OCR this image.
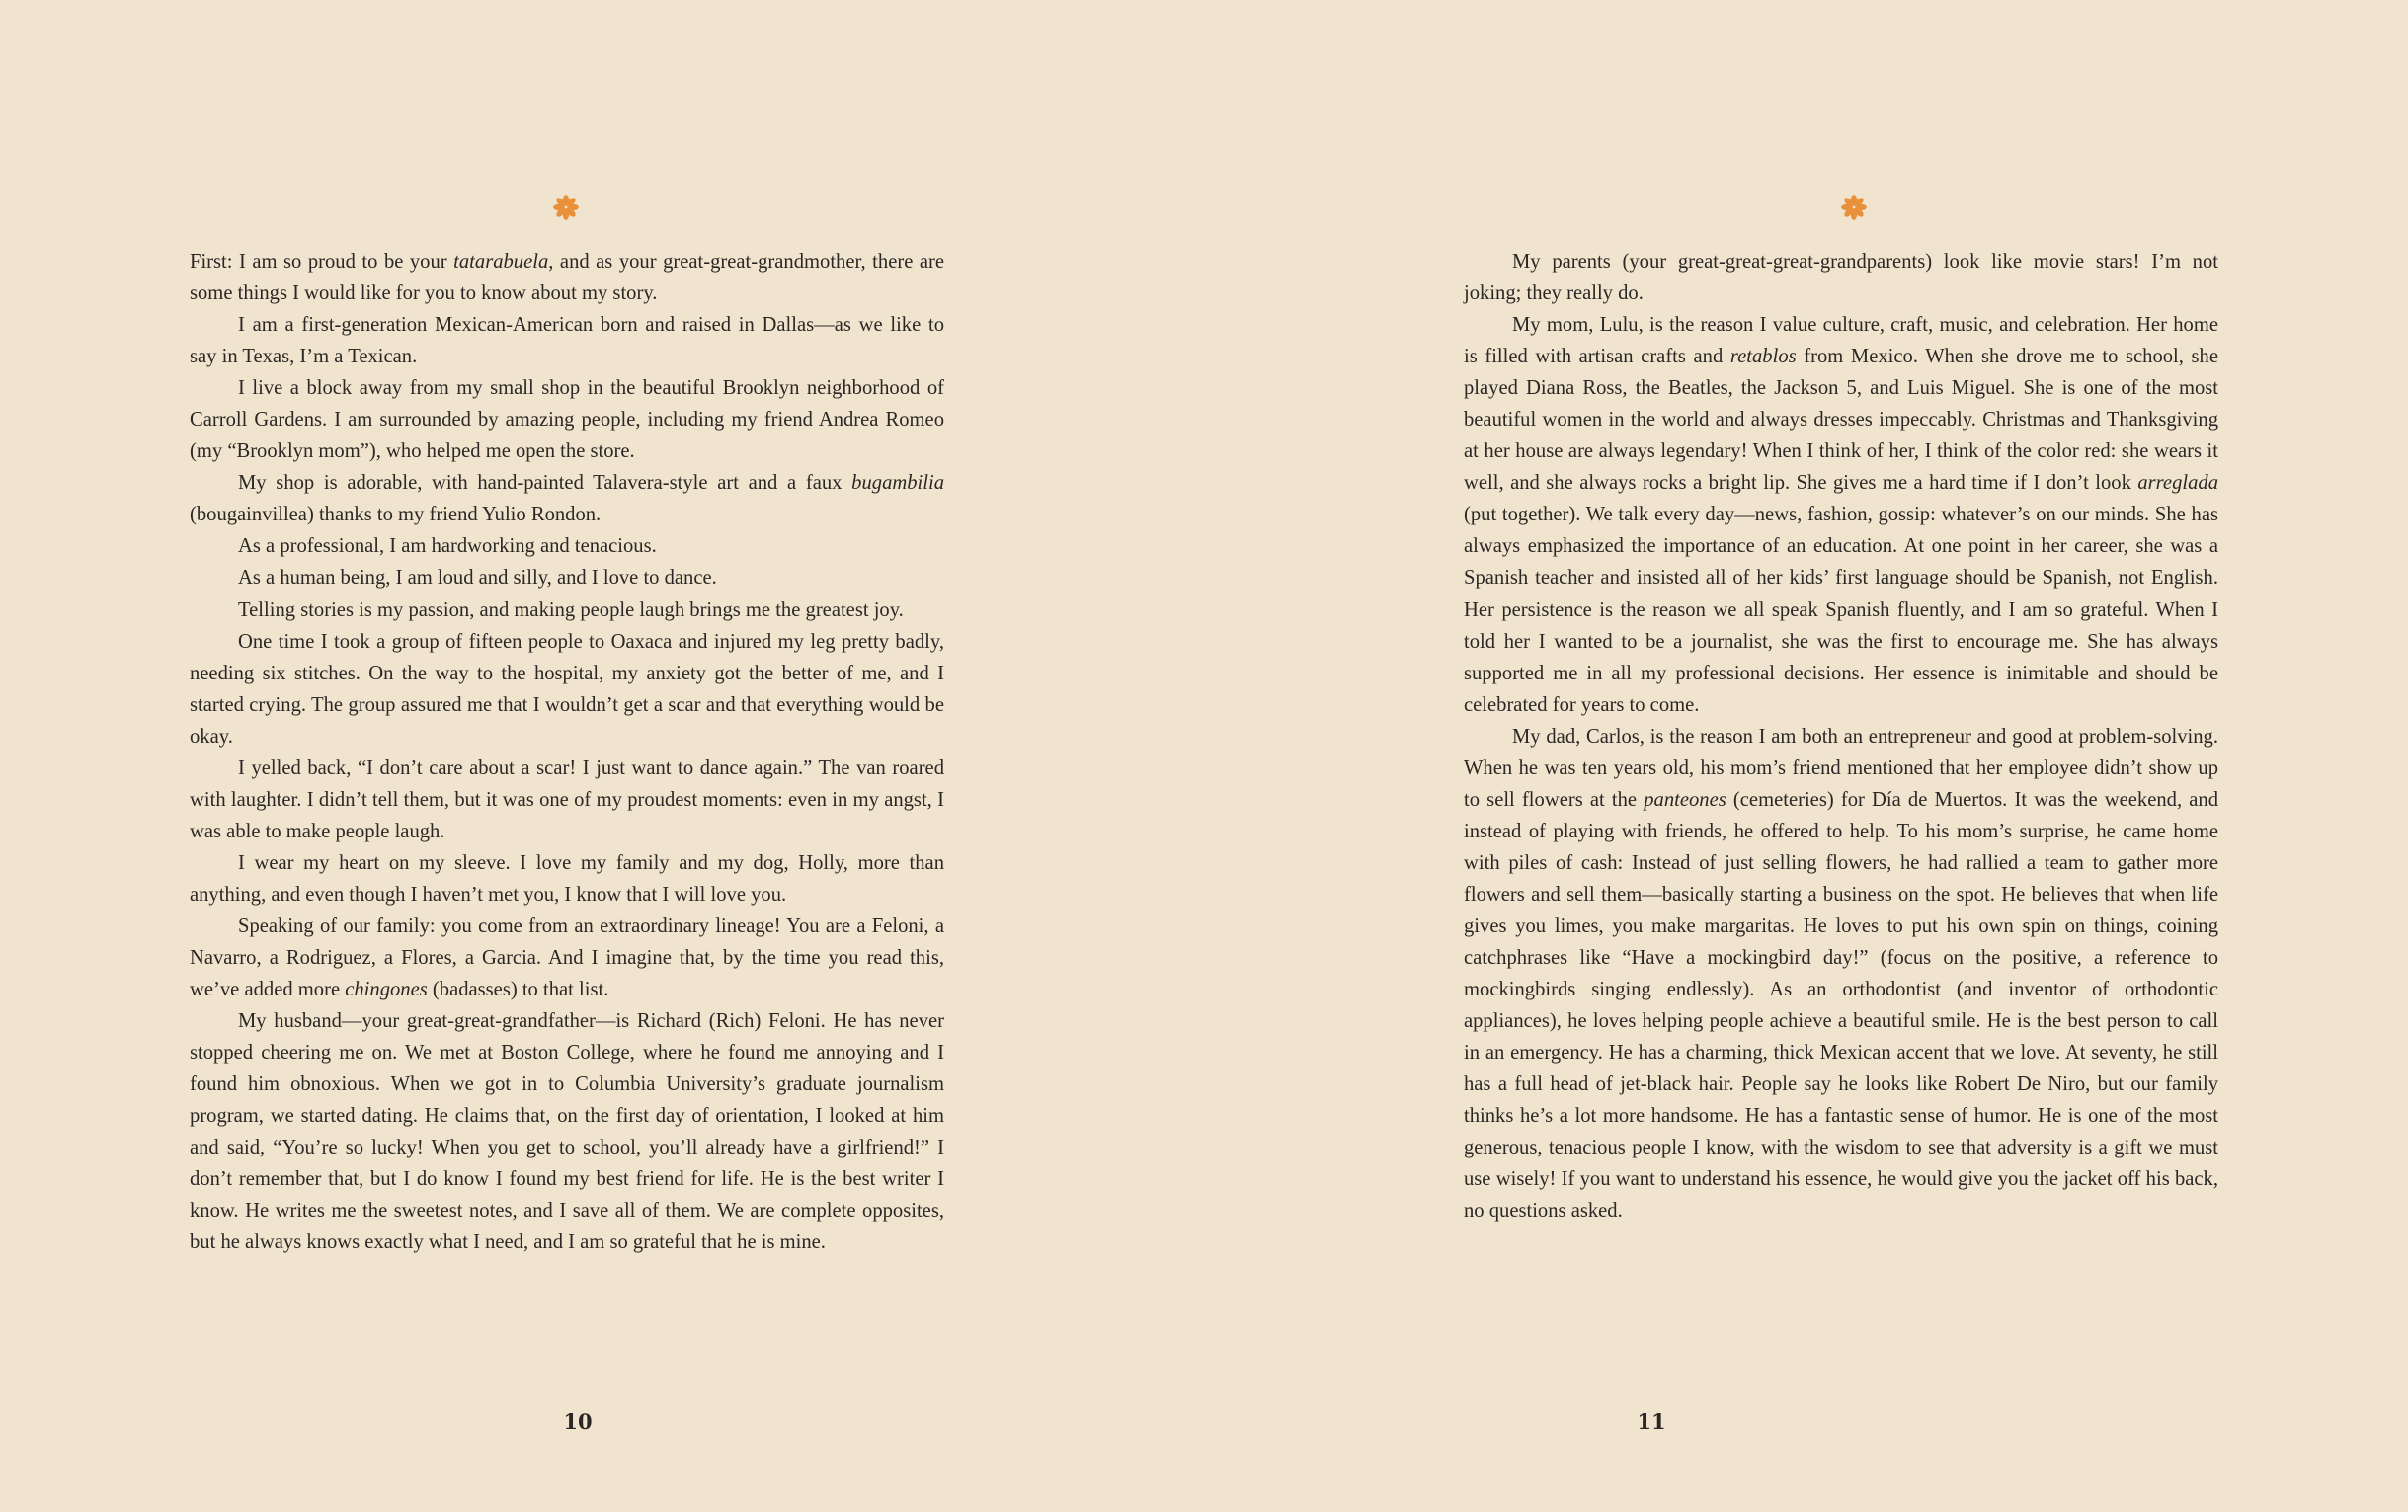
First: I am so proud to be your tatarabuela, and as your great-great-grandmother, there are some things I would like for you to know about my story.

I am a first-generation Mexican-American born and raised in Dallas—as we like to say in Texas, I’m a Texican.

I live a block away from my small shop in the beautiful Brooklyn neighborhood of Carroll Gardens. I am surrounded by amazing people, including my friend Andrea Romeo (my “Brooklyn mom”), who helped me open the store.

My shop is adorable, with hand-painted Talavera-style art and a faux bugambilia (bougainvillea) thanks to my friend Yulio Rondon.

As a professional, I am hardworking and tenacious.

As a human being, I am loud and silly, and I love to dance.

Telling stories is my passion, and making people laugh brings me the greatest joy.

One time I took a group of fifteen people to Oaxaca and injured my leg pretty badly, needing six stitches. On the way to the hospital, my anxiety got the better of me, and I started crying. The group assured me that I wouldn’t get a scar and that everything would be okay.

I yelled back, “I don’t care about a scar! I just want to dance again.” The van roared with laughter. I didn’t tell them, but it was one of my proudest moments: even in my angst, I was able to make people laugh.

I wear my heart on my sleeve. I love my family and my dog, Holly, more than anything, and even though I haven’t met you, I know that I will love you.

Speaking of our family: you come from an extraordinary lineage! You are a Feloni, a Navarro, a Rodriguez, a Flores, a Garcia. And I imagine that, by the time you read this, we’ve added more chingones (badasses) to that list.

My husband—your great-great-grandfather—is Richard (Rich) Feloni. He has never stopped cheering me on. We met at Boston College, where he found me annoying and I found him obnoxious. When we got in to Columbia University’s graduate journalism program, we started dating. He claims that, on the first day of orientation, I looked at him and said, “You’re so lucky! When you get to school, you’ll already have a girlfriend!” I don’t remember that, but I do know I found my best friend for life. He is the best writer I know. He writes me the sweetest notes, and I save all of them. We are complete opposites, but he always knows exactly what I need, and I am so grateful that he is mine.

10

My parents (your great-great-great-grandparents) look like movie stars! I’m not joking; they really do.

My mom, Lulu, is the reason I value culture, craft, music, and celebration. Her home is filled with artisan crafts and retablos from Mexico. When she drove me to school, she played Diana Ross, the Beatles, the Jackson 5, and Luis Miguel. She is one of the most beautiful women in the world and always dresses impeccably. Christmas and Thanksgiving at her house are always legendary! When I think of her, I think of the color red: she wears it well, and she always rocks a bright lip. She gives me a hard time if I don’t look arreglada (put together). We talk every day—news, fashion, gossip: whatever’s on our minds. She has always emphasized the importance of an education. At one point in her career, she was a Spanish teacher and insisted all of her kids’ first language should be Spanish, not English. Her persistence is the reason we all speak Spanish fluently, and I am so grateful. When I told her I wanted to be a journalist, she was the first to encourage me. She has always supported me in all my professional decisions. Her essence is inimitable and should be celebrated for years to come.

My dad, Carlos, is the reason I am both an entrepreneur and good at problem-solving. When he was ten years old, his mom’s friend mentioned that her employee didn’t show up to sell flowers at the panteones (cemeteries) for Día de Muertos. It was the weekend, and instead of playing with friends, he offered to help. To his mom’s surprise, he came home with piles of cash: Instead of just selling flowers, he had rallied a team to gather more flowers and sell them—basically starting a business on the spot. He believes that when life gives you limes, you make margaritas. He loves to put his own spin on things, coining catchphrases like “Have a mockingbird day!” (focus on the positive, a reference to mockingbirds singing endlessly). As an orthodontist (and inventor of orthodontic appliances), he loves helping people achieve a beautiful smile. He is the best person to call in an emergency. He has a charming, thick Mexican accent that we love. At seventy, he still has a full head of jet-black hair. People say he looks like Robert De Niro, but our family thinks he’s a lot more handsome. He has a fantastic sense of humor. He is one of the most generous, tenacious people I know, with the wisdom to see that adversity is a gift we must use wisely! If you want to understand his essence, he would give you the jacket off his back, no questions asked.

11
